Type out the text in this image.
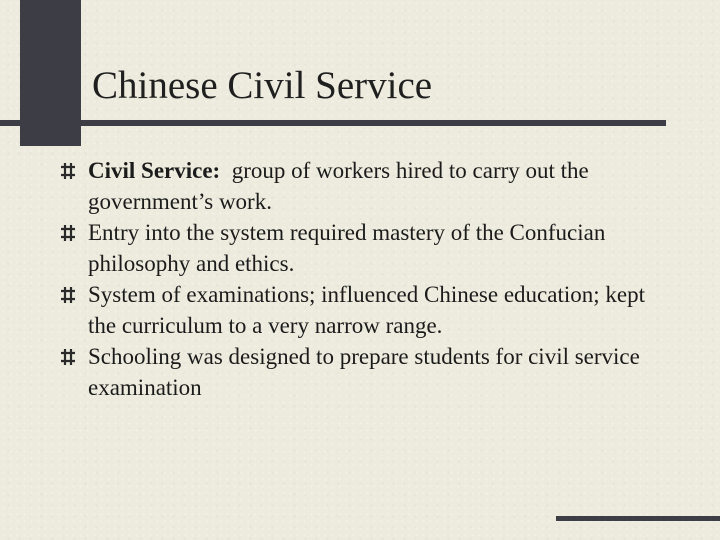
Chinese Civil Service
Civil Service:  group of workers hired to carry out the government’s work.
Entry into the system required mastery of the Confucian philosophy and ethics.
System of examinations; influenced Chinese education; kept the curriculum to a very narrow range.
Schooling was designed to prepare students for civil service examination
